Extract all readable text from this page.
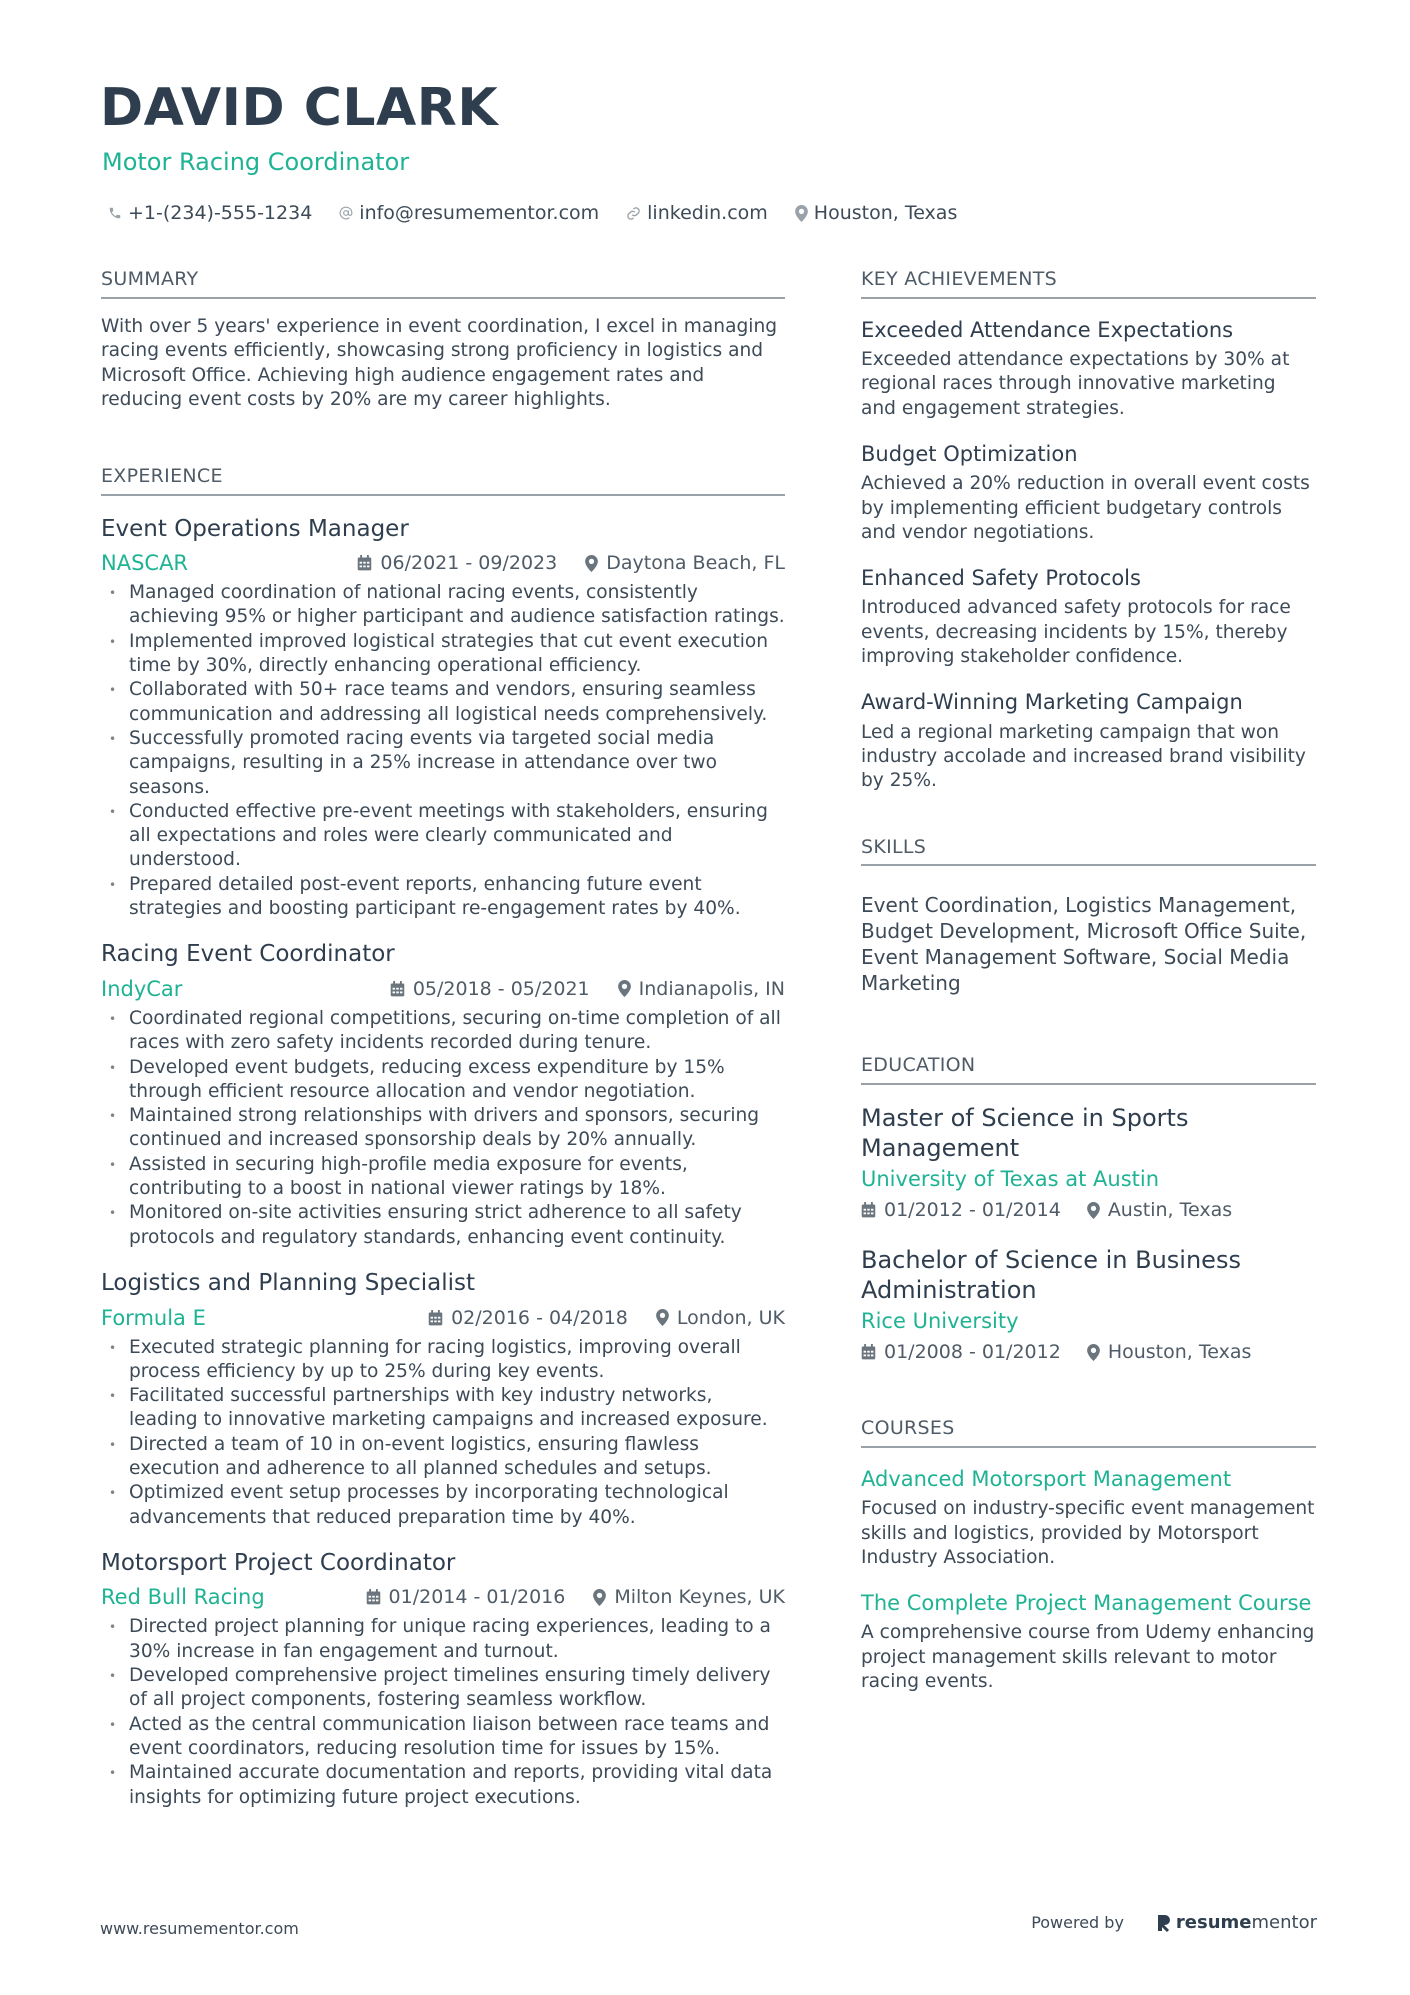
DAVID CLARK
Motor Racing Coordinator
+1-(234)-555-1234 info@resumementor.com	linkedin.com Houston, Texas
SUMMARY

With over 5 years' experience in event coordination, I excel in managing racing events efficiently, showcasing strong proficiency in logistics and Microsoft Office. Achieving high audience engagement rates and reducing event costs by 20% are my career highlights.

EXPERIENCE
Event Operations Manager
NASCAR	06/2021 - 09/2023	Daytona Beach, FL
• Managed coordination of national racing events, consistently achieving 95% or higher participant and audience satisfaction ratings.
• Implemented improved logistical strategies that cut event execution time by 30%, directly enhancing operational efficiency.
• Collaborated with 50+ race teams and vendors, ensuring seamless communication and addressing all logistical needs comprehensively.
• Successfully promoted racing events via targeted social media campaigns, resulting in a 25% increase in attendance over two seasons.
• Conducted effective pre-event meetings with stakeholders, ensuring all expectations and roles were clearly communicated and understood.
• Prepared detailed post-event reports, enhancing future event strategies and boosting participant re-engagement rates by 40%.
Racing Event Coordinator
IndyCar	05/2018 - 05/2021	Indianapolis, IN
• Coordinated regional competitions, securing on-time completion of all races with zero safety incidents recorded during tenure.
• Developed event budgets, reducing excess expenditure by 15% through efficient resource allocation and vendor negotiation.
• Maintained strong relationships with drivers and sponsors, securing continued and increased sponsorship deals by 20% annually.
• Assisted in securing high-profile media exposure for events, contributing to a boost in national viewer ratings by 18%.
• Monitored on-site activities ensuring strict adherence to all safety protocols and regulatory standards, enhancing event continuity.
Logistics and Planning Specialist
Formula E	02/2016 - 04/2018	London, UK
• Executed strategic planning for racing logistics, improving overall process efficiency by up to 25% during key events.
• Facilitated successful partnerships with key industry networks, leading to innovative marketing campaigns and increased exposure.
• Directed a team of 10 in on-event logistics, ensuring flawless execution and adherence to all planned schedules and setups.
• Optimized event setup processes by incorporating technological advancements that reduced preparation time by 40%.
Motorsport Project Coordinator
Red Bull Racing	01/2014 - 01/2016	Milton Keynes, UK
• Directed project planning for unique racing experiences, leading to a 30% increase in fan engagement and turnout.
• Developed comprehensive project timelines ensuring timely delivery of all project components, fostering seamless workflow.
• Acted as the central communication liaison between race teams and event coordinators, reducing resolution time for issues by 15%.
• Maintained accurate documentation and reports, providing vital data insights for optimizing future project executions.
KEY ACHIEVEMENTS
Exceeded Attendance Expectations

Exceeded attendance expectations by 30% at regional races through innovative marketing and engagement strategies.

Budget Optimization

Achieved a 20% reduction in overall event costs by implementing efficient budgetary controls and vendor negotiations.

Enhanced Safety Protocols

Introduced advanced safety protocols for race events, decreasing incidents by 15%, thereby improving stakeholder confidence.

Award-Winning Marketing Campaign

Led a regional marketing campaign that won industry accolade and increased brand visibility by 25%.

SKILLS

Event Coordination, Logistics Management, Budget Development, Microsoft Office Suite, Event Management Software, Social Media Marketing

EDUCATION
Master of Science in Sports Management
University of Texas at Austin
01/2012 - 01/2014 Austin, Texas
Bachelor of Science in Business Administration
Rice University
01/2008 - 01/2012 Houston, Texas
COURSES
Advanced Motorsport Management

Focused on industry-specific event management skills and logistics, provided by Motorsport Industry Association.

The Complete Project Management Course

A comprehensive course from Udemy enhancing project management skills relevant to motor racing events.

www.resumementor.com	Powered by	resume mentor
